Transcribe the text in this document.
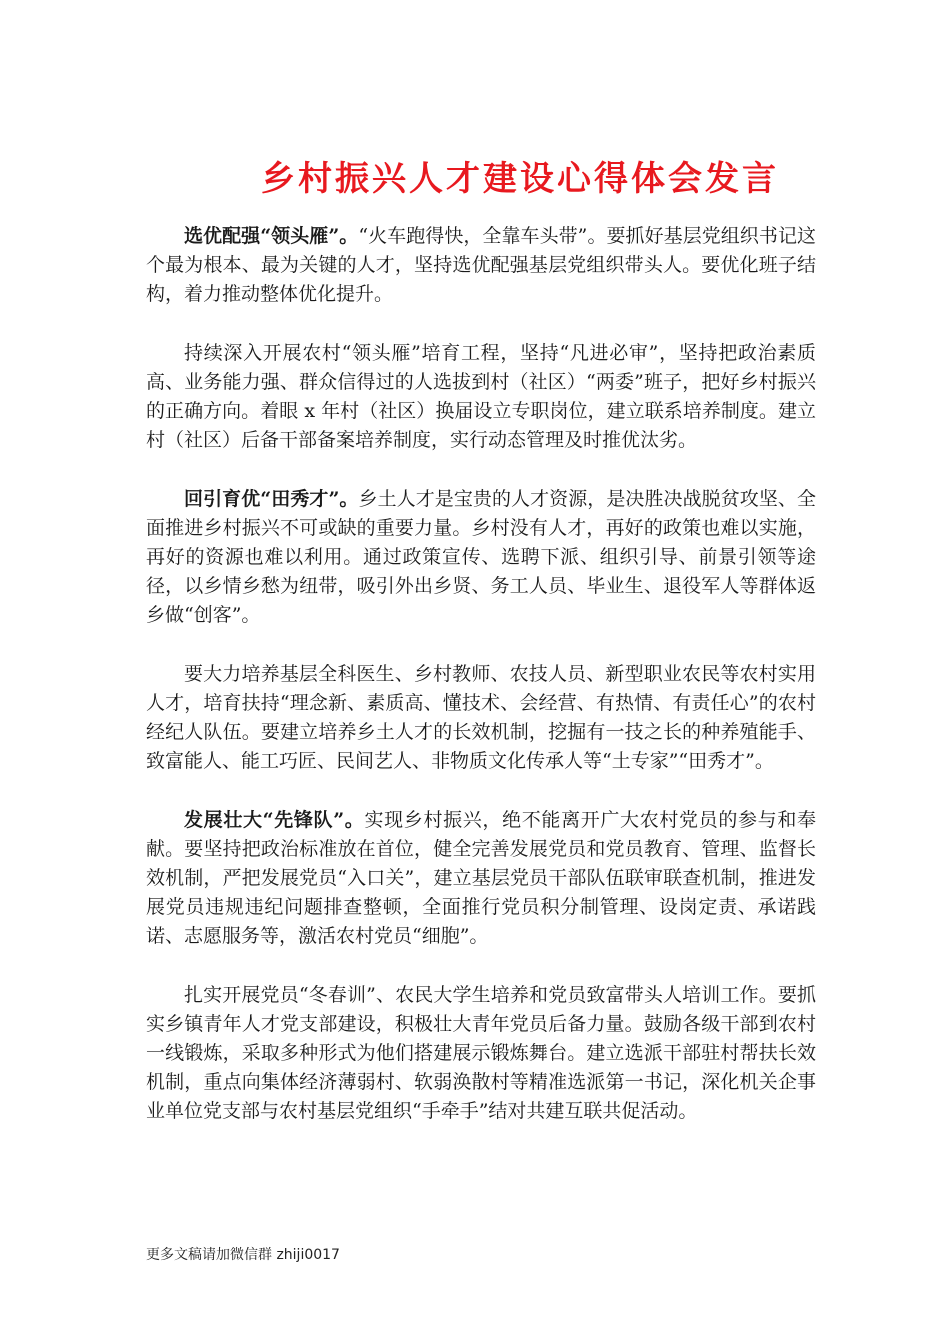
乡村振兴人才建设心得体会发言

选优配强“领头雁”。“火车跑得快，全靠车头带”。要抓好基层党组织书记这个最为根本、最为关键的人才，坚持选优配强基层党组织带头人。要优化班子结构，着力推动整体优化提升。

持续深入开展农村“领头雁”培育工程，坚持“凡进必审”，坚持把政治素质高、业务能力强、群众信得过的人选拔到村（社区）“两委”班子，把好乡村振兴的正确方向。着眼 x 年村（社区）换届设立专职岗位，建立联系培养制度。建立村（社区）后备干部备案培养制度，实行动态管理及时推优汰劣。

回引育优“田秀才”。乡土人才是宝贵的人才资源，是决胜决战脱贫攻坚、全面推进乡村振兴不可或缺的重要力量。乡村没有人才，再好的政策也难以实施，再好的资源也难以利用。通过政策宣传、选聘下派、组织引导、前景引领等途径，以乡情乡愁为纽带，吸引外出乡贤、务工人员、毕业生、退役军人等群体返乡做“创客”。

要大力培养基层全科医生、乡村教师、农技人员、新型职业农民等农村实用人才，培育扶持“理念新、素质高、懂技术、会经营、有热情、有责任心”的农村经纪人队伍。要建立培养乡土人才的长效机制，挖掘有一技之长的种养殖能手、致富能人、能工巧匠、民间艺人、非物质文化传承人等“土专家”“田秀才”。

发展壮大“先锋队”。实现乡村振兴，绝不能离开广大农村党员的参与和奉献。要坚持把政治标准放在首位，健全完善发展党员和党员教育、管理、监督长效机制，严把发展党员“入口关”，建立基层党员干部队伍联审联查机制，推进发展党员违规违纪问题排查整顿，全面推行党员积分制管理、设岗定责、承诺践诺、志愿服务等，激活农村党员“细胞”。

扎实开展党员“冬春训”、农民大学生培养和党员致富带头人培训工作。要抓实乡镇青年人才党支部建设，积极壮大青年党员后备力量。鼓励各级干部到农村一线锻炼，采取多种形式为他们搭建展示锻炼舞台。建立选派干部驻村帮扶长效机制，重点向集体经济薄弱村、软弱涣散村等精准选派第一书记，深化机关企事业单位党支部与农村基层党组织“手牵手”结对共建互联共促活动。

更多文稿请加微信群 zhiji0017
